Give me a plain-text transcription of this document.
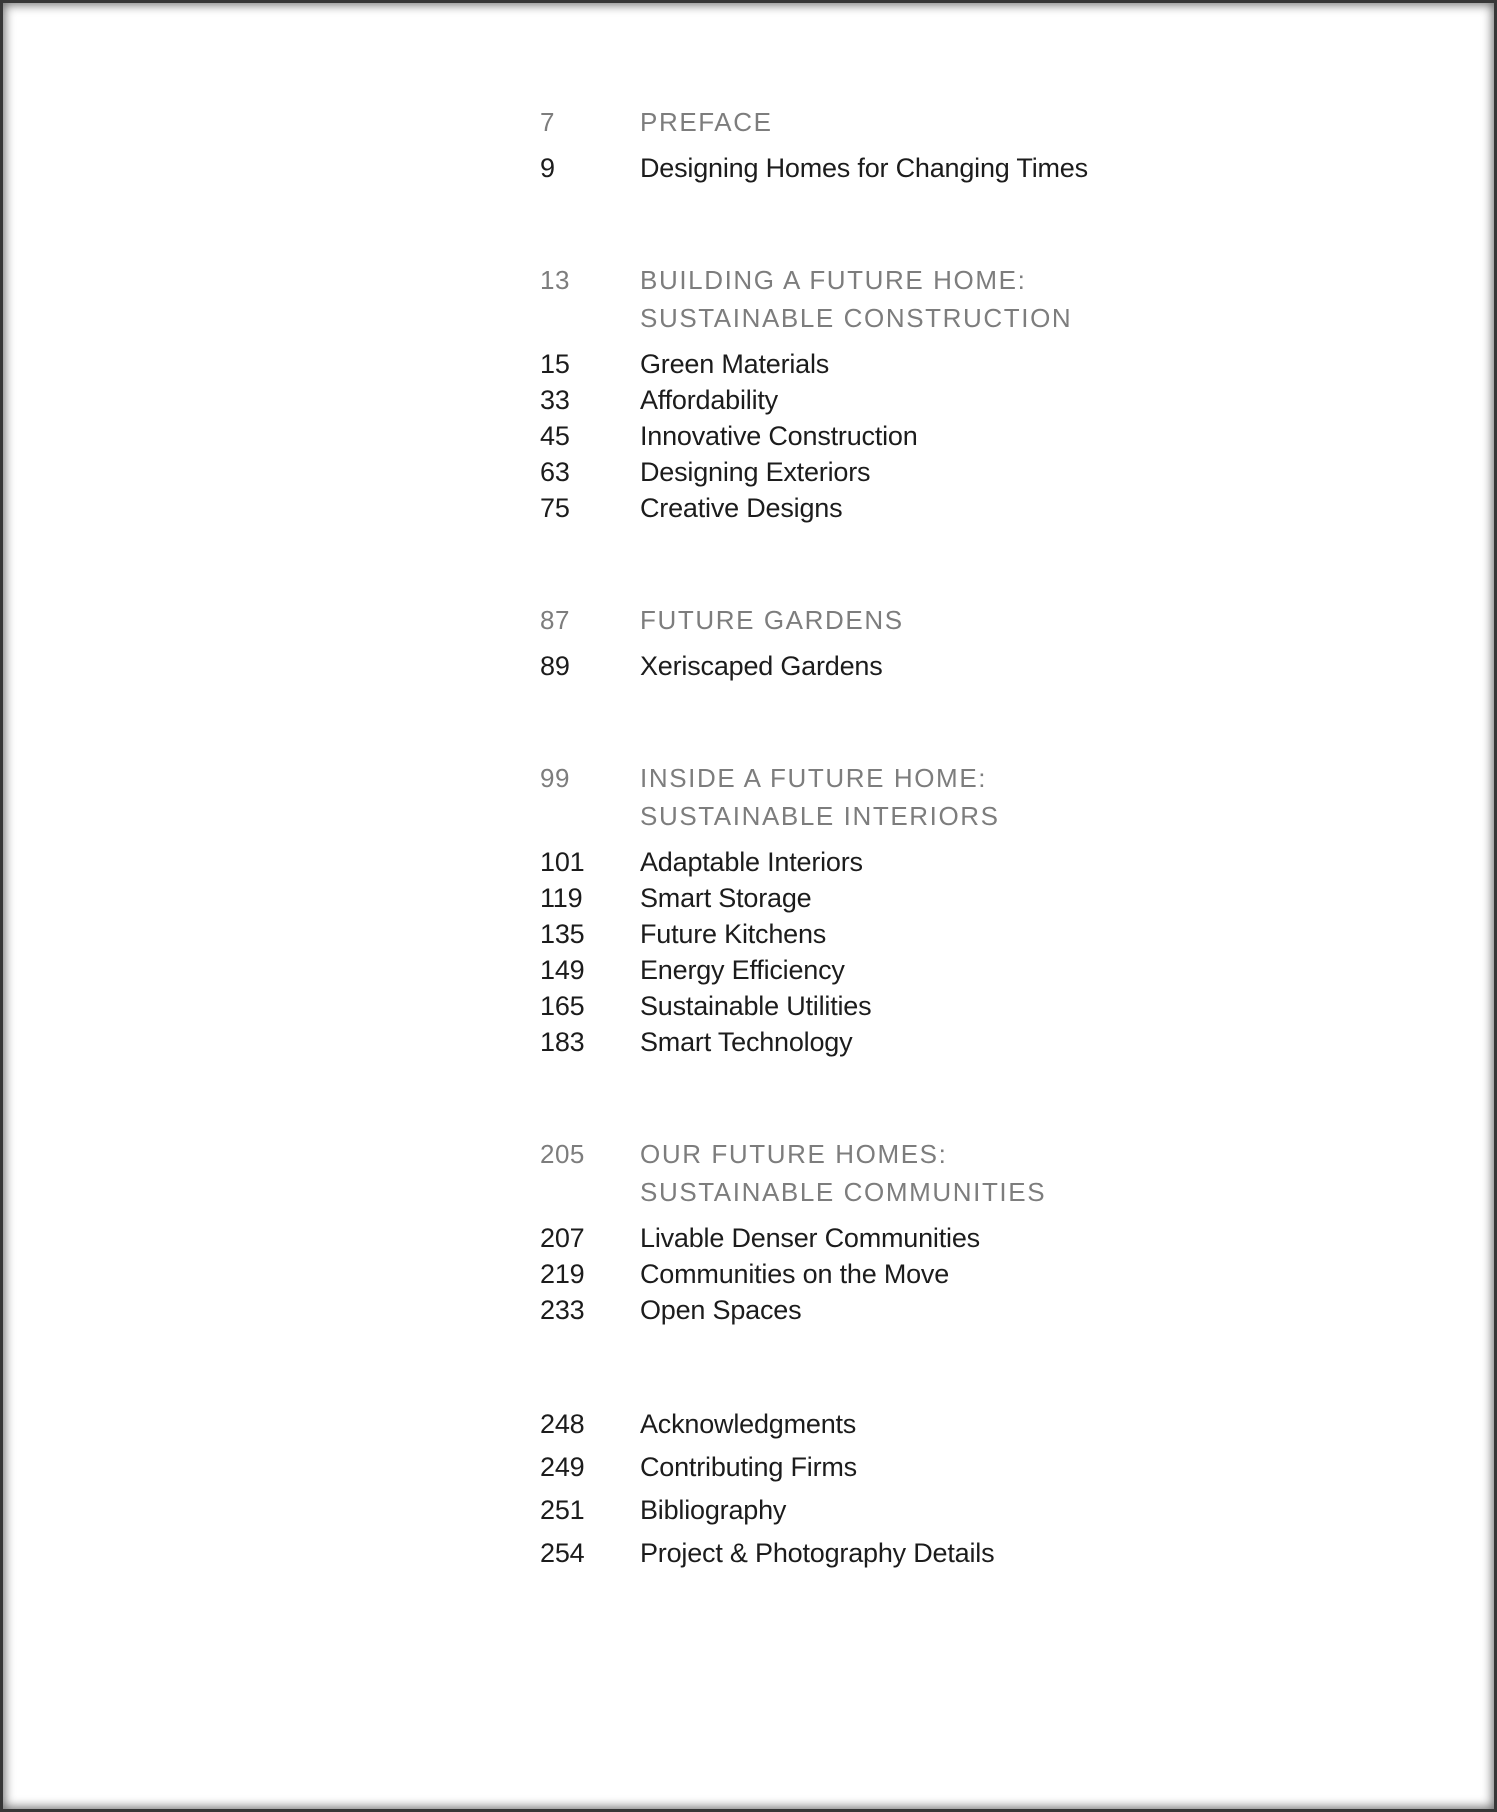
7	PREFACE
9	Designing Homes for Changing Times
13	BUILDING A FUTURE HOME:
SUSTAINABLE CONSTRUCTION
15	Green Materials
33	Affordability
45	Innovative Construction
63	Designing Exteriors
75	Creative Designs
87	FUTURE GARDENS
89	Xeriscaped Gardens
99	INSIDE A FUTURE HOME:
SUSTAINABLE INTERIORS
101	Adaptable Interiors
119	Smart Storage
135	Future Kitchens
149	Energy Efficiency
165	Sustainable Utilities
183	Smart Technology
205	OUR FUTURE HOMES:
SUSTAINABLE COMMUNITIES
207	Livable Denser Communities
219	Communities on the Move
233	Open Spaces
248	Acknowledgments
249	Contributing Firms
251	Bibliography
254	Project & Photography Details
